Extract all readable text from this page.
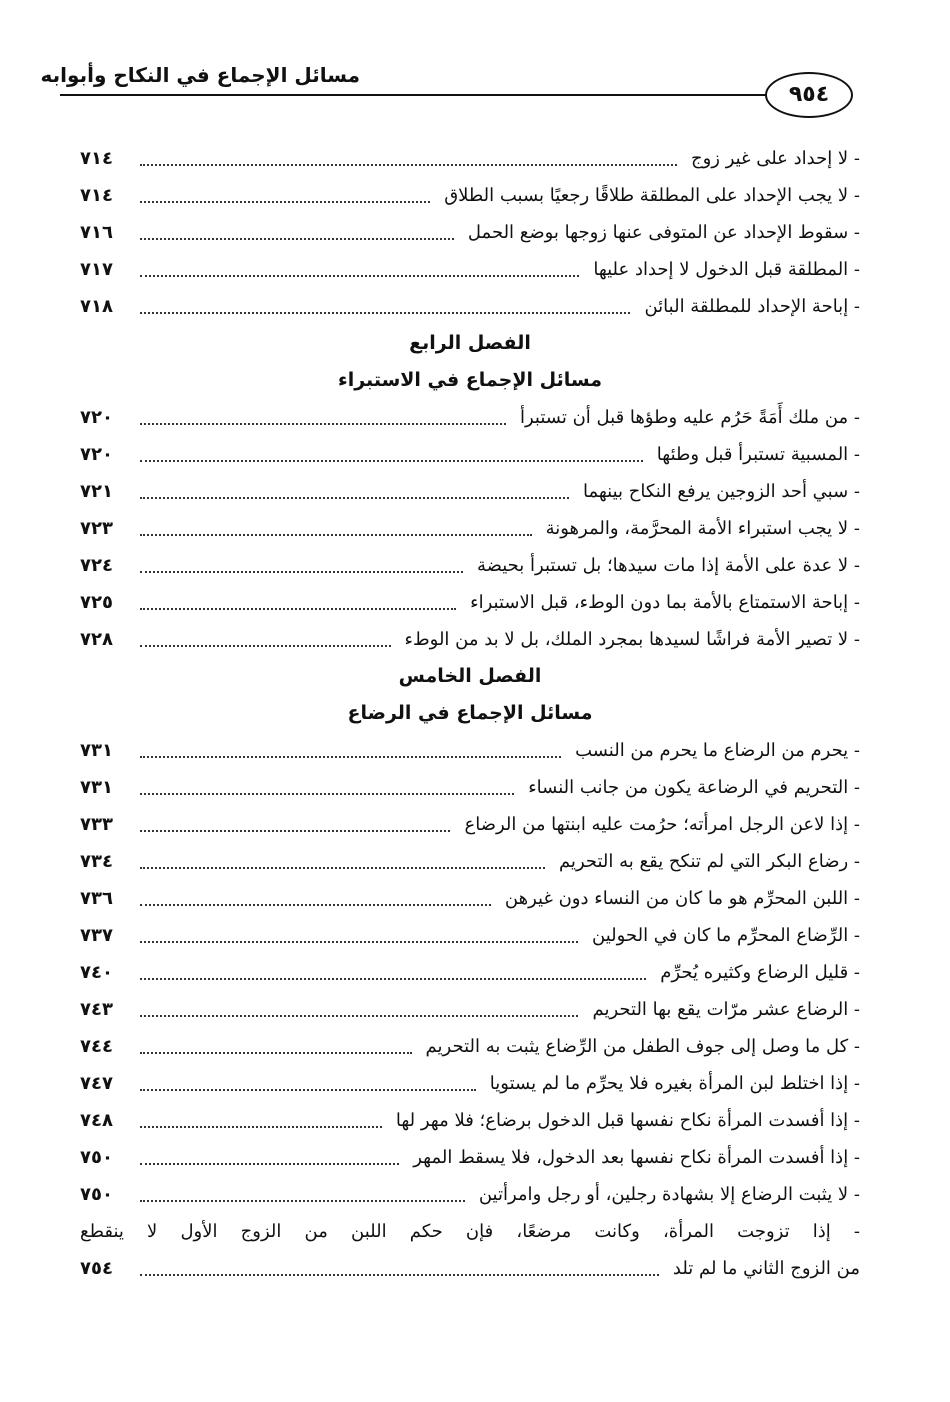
مسائل الإجماع في النكاح وأبوابه
٩٥٤
- لا إحداد على غير زوج
٧١٤
- لا يجب الإحداد على المطلقة طلاقًا رجعيًا بسبب الطلاق
٧١٤
- سقوط الإحداد عن المتوفى عنها زوجها بوضع الحمل
٧١٦
- المطلقة قبل الدخول لا إحداد عليها
٧١٧
- إباحة الإحداد للمطلقة البائن
٧١٨
الفصل الرابع
مسائل الإجماع في الاستبراء
- من ملك أَمَةً حَرُم عليه وطؤها قبل أن تستبرأ
٧٢٠
- المسبية تستبرأ قبل وطئها
٧٢٠
- سبي أحد الزوجين يرفع النكاح بينهما
٧٢١
- لا يجب استبراء الأمة المحرَّمة، والمرهونة
٧٢٣
- لا عدة على الأمة إذا مات سيدها؛ بل تستبرأ بحيضة
٧٢٤
- إباحة الاستمتاع بالأمة بما دون الوطء، قبل الاستبراء
٧٢٥
- لا تصير الأمة فراشًا لسيدها بمجرد الملك، بل لا بد من الوطء
٧٢٨
الفصل الخامس
مسائل الإجماع في الرضاع
- يحرم من الرضاع ما يحرم من النسب
٧٣١
- التحريم في الرضاعة يكون من جانب النساء
٧٣١
- إذا لاعن الرجل امرأته؛ حرُمت عليه ابنتها من الرضاع
٧٣٣
- رضاع البكر التي لم تنكح يقع به التحريم
٧٣٤
- اللبن المحرِّم هو ما كان من النساء دون غيرهن
٧٣٦
- الرِّضاع المحرِّم ما كان في الحولين
٧٣٧
- قليل الرضاع وكثيره يُحرِّم
٧٤٠
- الرضاع عشر مرّات يقع بها التحريم
٧٤٣
- كل ما وصل إلى جوف الطفل من الرِّضاع يثبت به التحريم
٧٤٤
- إذا اختلط لبن المرأة بغيره فلا يحرِّم ما لم يستويا
٧٤٧
- إذا أفسدت المرأة نكاح نفسها قبل الدخول برضاع؛ فلا مهر لها
٧٤٨
- إذا أفسدت المرأة نكاح نفسها بعد الدخول، فلا يسقط المهر
٧٥٠
- لا يثبت الرضاع إلا بشهادة رجلين، أو رجل وامرأتين
٧٥٠
- إذا تزوجت المرأة، وكانت مرضعًا، فإن حكم اللبن من الزوج الأول لا ينقطع
من الزوج الثاني ما لم تلد
٧٥٤
